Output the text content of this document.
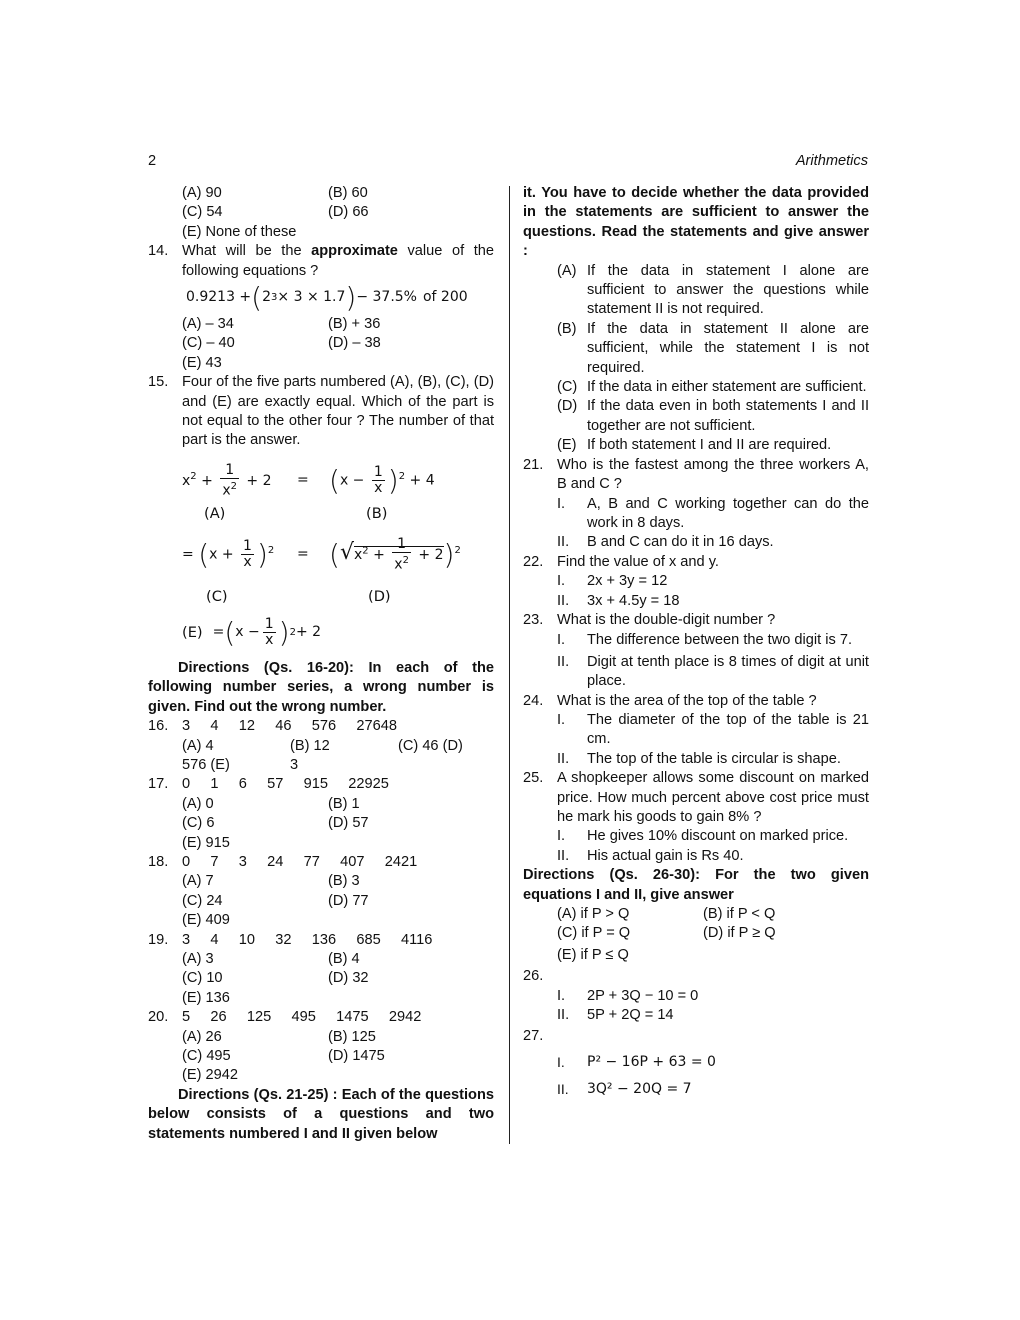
2	Arithmetics
(A) 90	(B) 60
(C) 54	(D) 66
(E) None of these
14. What will be the approximate value of the following equations ?
0.9213 + ( 2 3 × 3 × 1.7 ) − 37.5% of 200
(A) – 34	(B) + 36
(C) – 40	(D) – 38
(E) 43
15. Four of the five parts numbered (A), (B), (C), (D) and (E) are exactly equal. Which of the part is not equal to the other four ? The number of that part is the answer.
$x^2 + \frac{1}{x^2} + 2$	= $(x - \frac{1}{x} )^2 + 4$
(A)	(B)
= $(x + \frac{1}{x} )^2$	= $(√x^2 + \frac{1}{x^2} + 2)^2$
(C)	(D)
(E) = ( $x - \frac{1}{x}$ ) 2 + 2
Directions (Qs. 16-20): In each of the following number series, a wrong number is given. Find out the wrong number.
16. 3     4     12     46     576     27648
(A) 4	(B) 12	(C) 46 (D)
576 (E)	3
17. 0     1     6     57     915     22925
(A) 0	(B) 1
(C) 6	(D) 57
(E) 915
18. 0     7     3     24     77     407     2421
(A) 7	(B) 3
(C) 24	(D) 77
(E) 409
19. 3     4     10     32     136     685     4116
(A) 3	(B) 4
(C) 10	(D) 32
(E) 136
20. 5     26     125     495     1475     2942
(A) 26	(B) 125
(C) 495	(D) 1475
(E) 2942
Directions (Qs. 21-25) : Each of the questions below consists of a questions and two statements numbered I and II given below
it. You have to decide whether the data provided in the statements are sufficient to answer the questions. Read the statements and give answer :
(A) If the data in statement I alone are sufficient to answer the questions while statement II is not required.
(B) If the data in statement II alone are sufficient, while the statement I is not required.
(C) If the data in either statement are sufficient.
(D) If the data even in both statements I and II together are not sufficient.
(E) If both statement I and II are required.
21. Who is the fastest among the three workers A, B and C ?
I. A, B and C working together can do the work in 8 days.
II. B and C can do it in 16 days.
22. Find the value of x and y.
I. 2x + 3y = 12
II. 3x + 4.5y = 18
23. What is the double-digit number ?
I. The difference between the two digit is 7.
II. Digit at tenth place is 8 times of digit at unit place.
24. What is the area of the top of the table ?
I. The diameter of the top of the table is 21 cm.
II. The top of the table is circular is shape.
25. A shopkeeper allows some discount on marked price. How much percent above cost price must he mark his goods to gain 8% ?
I. He gives 10% discount on marked price.
II. His actual gain is Rs 40.
Directions (Qs. 26-30): For the two given equations I and II, give answer
(A) if P > Q	(B) if P < Q
(C) if P = Q	(D) if P ≥ Q
(E) if P ≤ Q
26.

I. 2P + 3Q − 10 = 0
II. 5P + 2Q = 14
27.

I. P² − 16P + 63 = 0
II. 3Q² − 20Q = 7
